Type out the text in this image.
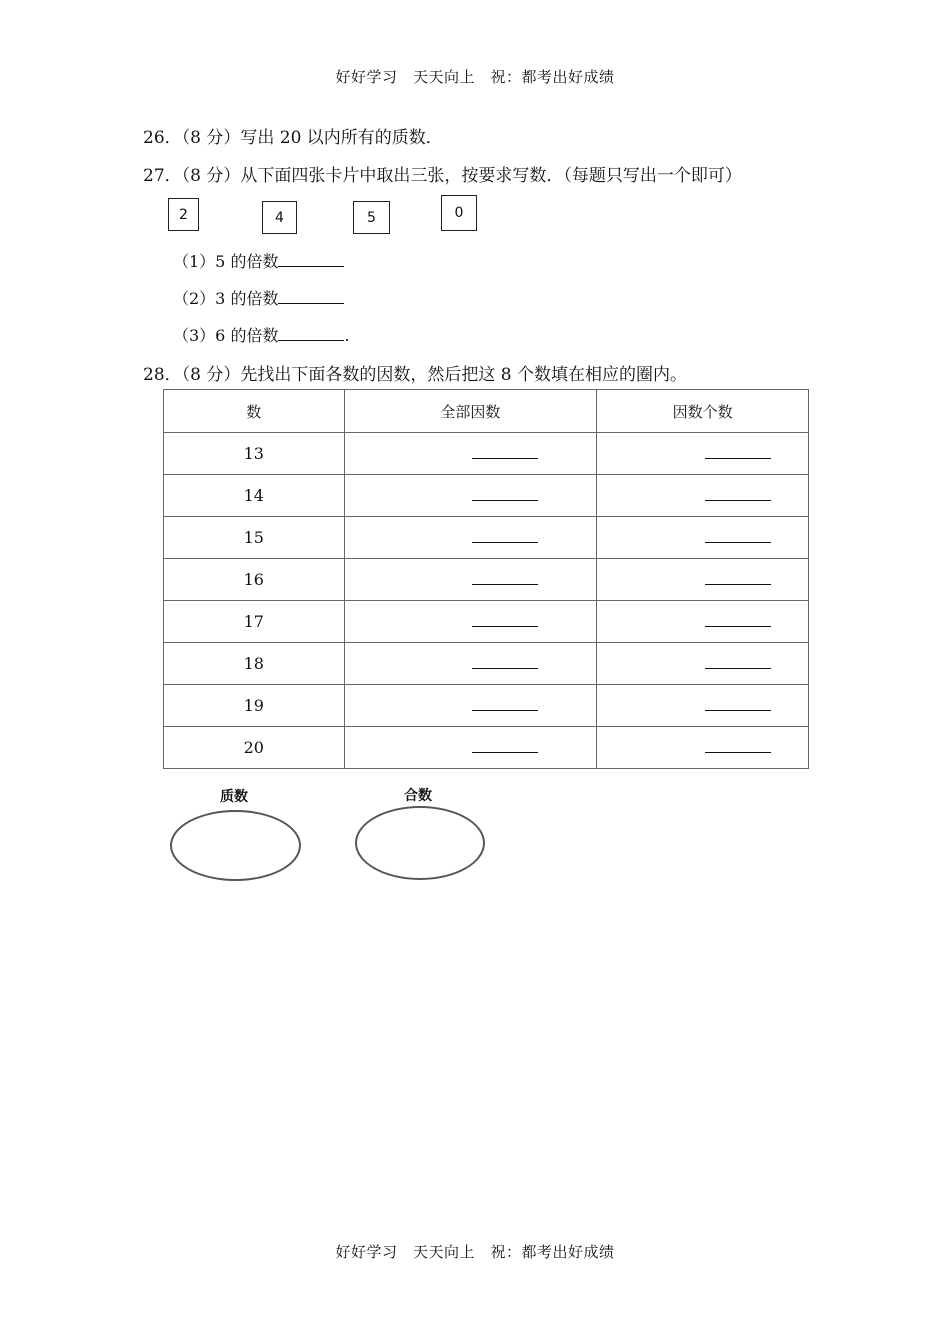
好好学习　天天向上　祝：都考出好成绩
26．（8 分）写出 20 以内所有的质数．
27．（8 分）从下面四张卡片中取出三张，按要求写数．（每题只写出一个即可）
2	4	5	0
（1）5 的倍数
（2）3 的倍数
（3）6 的倍数	.
28．（8 分）先找出下面各数的因数，然后把这 8 个数填在相应的圈内。
数	全部因数	因数个数
13		
14		
15		
16		
17		
18		
19		
20		
质数	合数
好好学习　天天向上　祝：都考出好成绩
